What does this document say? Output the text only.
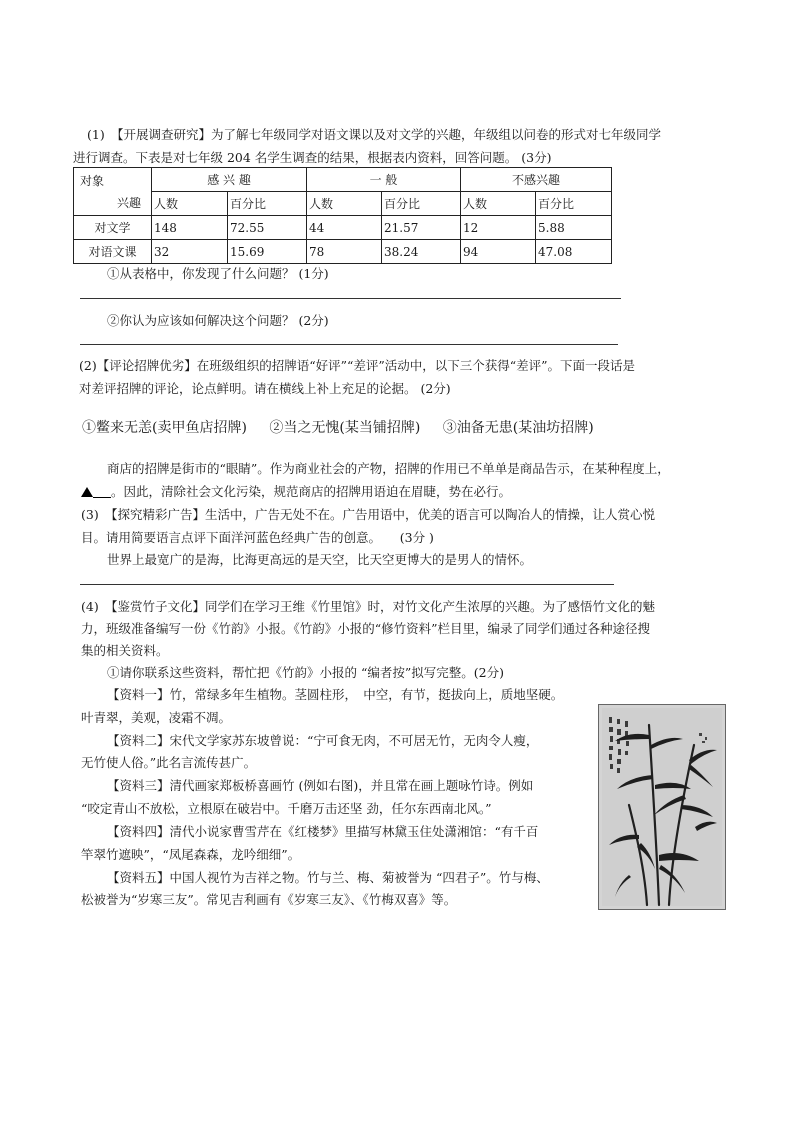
(1)　【开展调查研究】为了解七年级同学对语文课以及对文学的兴趣，年级组以问卷的形式对七年级同学
进行调查。下表是对七年级 204 名学生调查的结果，根据表内资料，回答问题。 (3分)
对象
兴趣	感 兴 趣		一 般		不感兴趣	
	人数	百分比	人数	百分比	人数	百分比
对文学	148	72.55	44	21.57	12	5.88
对语文课	32	15.69	78	38.24	94	47.08
①从表格中，你发现了什么问题？ (1分)
②你认为应该如何解决这个问题？ (2分)
(2)【评论招牌优劣】在班级组织的招牌语“好评”“差评”活动中，以下三个获得“差评”。下面一段话是
对差评招牌的评论，论点鲜明。请在横线上补上充足的论据。 (2分)
①鳖来无恙(卖甲鱼店招牌) ②当之无愧(某当铺招牌) ③油备无患(某油坊招牌)
商店的招牌是街市的“眼睛”。作为商业社会的产物，招牌的作用已不单单是商品告示，在某种程度上，
。因此，清除社会文化污染，规范商店的招牌用语迫在眉睫，势在必行。
(3)　【探究精彩广告】生活中，广告无处不在。广告用语中，优美的语言可以陶冶人的情操，让人赏心悦
目。请用简要语言点评下面洋河蓝色经典广告的创意。　　(3分 )
世界上最宽广的是海，比海更高远的是天空，比天空更博大的是男人的情怀。
(4)　【鉴赏竹子文化】同学们在学习王维《竹里馆》时，对竹文化产生浓厚的兴趣。为了感悟竹文化的魅
力，班级准备编写一份《竹韵》小报。《竹韵》小报的“修竹资料”栏目里，编录了同学们通过各种途径搜
集的相关资料。
①请你联系这些资料，帮忙把《竹韵》小报的 “编者按”拟写完整。(2分)
【资料一】竹，常绿多年生植物。茎圆柱形，　中空，有节，挺拔向上，质地坚硬。
叶青翠，美观，凌霜不凋。
【资料二】宋代文学家苏东坡曾说：“宁可食无肉，不可居无竹，无肉令人瘦，
无竹使人俗。”此名言流传甚广。
【资料三】清代画家郑板桥喜画竹 (例如右图)，并且常在画上题咏竹诗。例如
“咬定青山不放松，立根原在破岩中。千磨万击还坚 劲，任尔东西南北风。”
【资料四】清代小说家曹雪芹在《红楼梦》里描写林黛玉住处潇湘馆：“有千百
竿翠竹遮映”，“凤尾森森，龙吟细细”。
【资料五】中国人视竹为吉祥之物。竹与兰、梅、菊被誉为 “四君子”。竹与梅、
松被誉为“岁寒三友”。常见吉利画有《岁寒三友》、《竹梅双喜》等。
